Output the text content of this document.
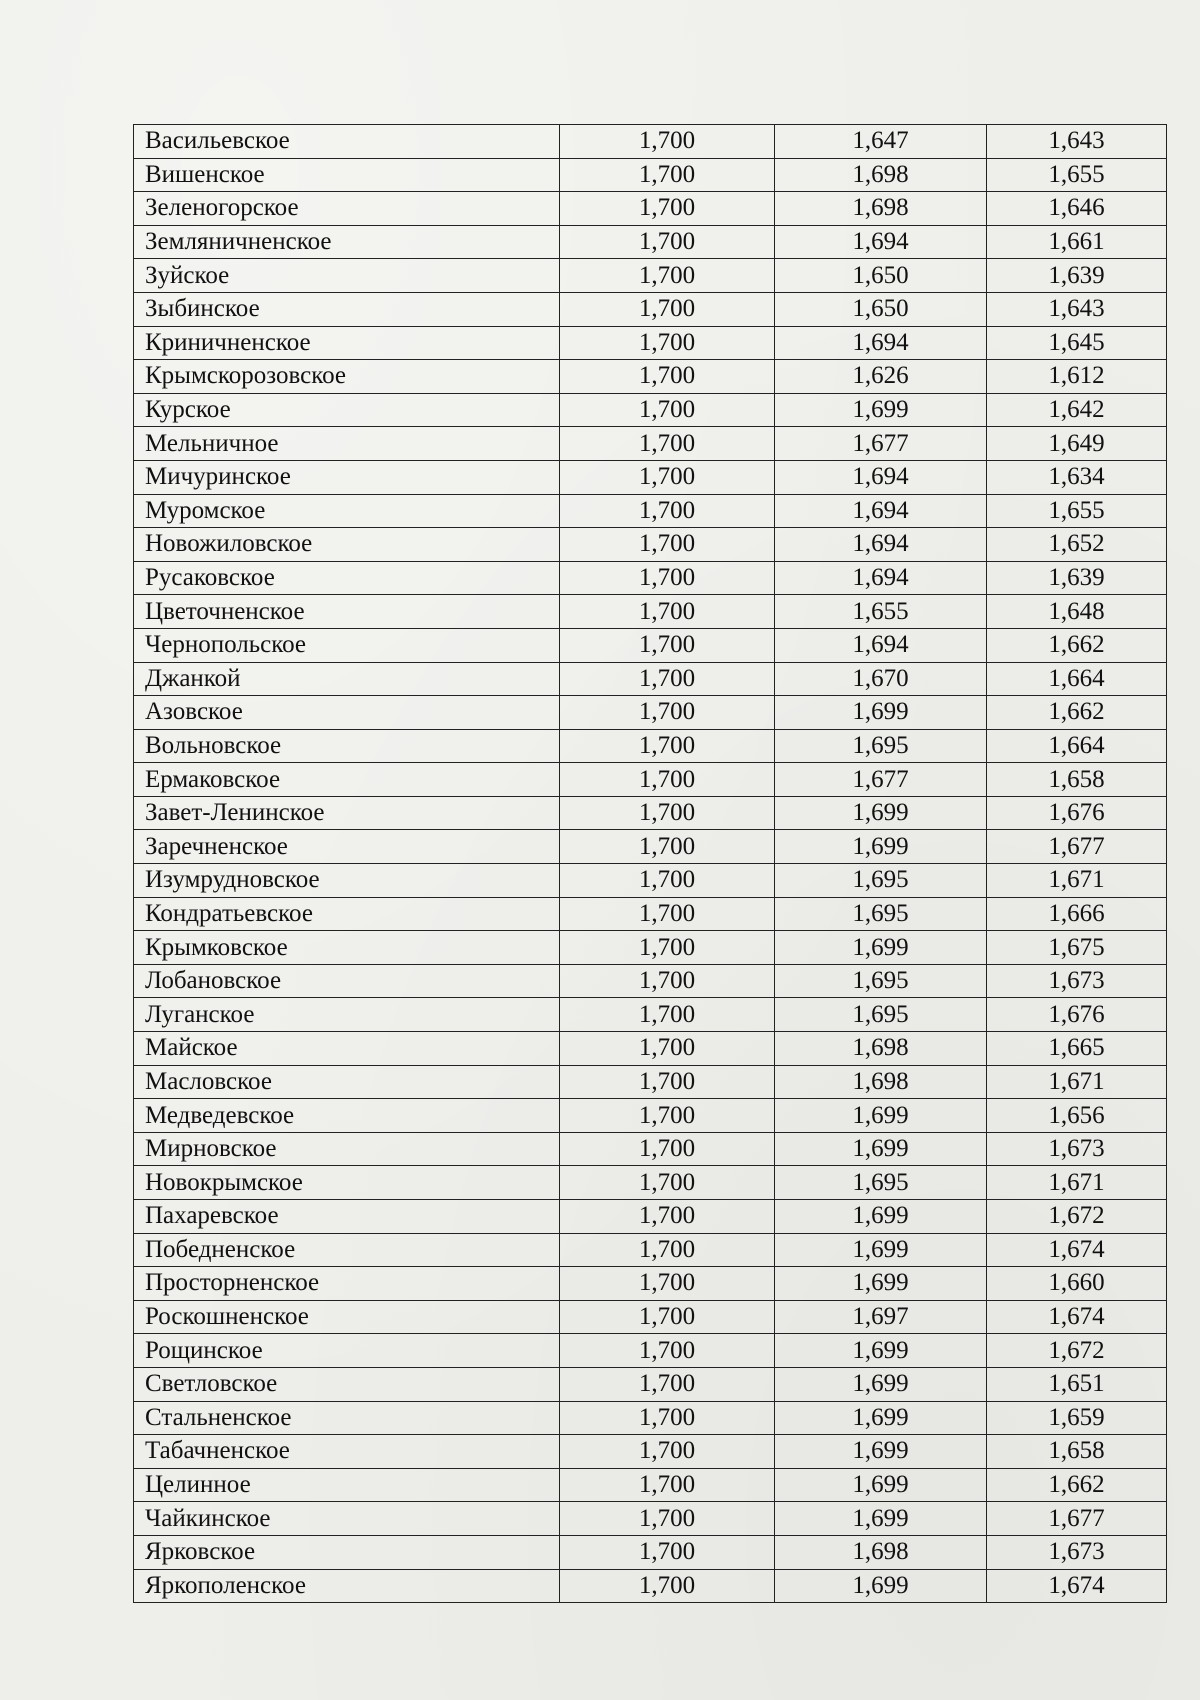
Васильевское	1,700	1,647	1,643
Вишенское	1,700	1,698	1,655
Зеленогорское	1,700	1,698	1,646
Земляничненское	1,700	1,694	1,661
Зуйское	1,700	1,650	1,639
Зыбинское	1,700	1,650	1,643
Криничненское	1,700	1,694	1,645
Крымскорозовское	1,700	1,626	1,612
Курское	1,700	1,699	1,642
Мельничное	1,700	1,677	1,649
Мичуринское	1,700	1,694	1,634
Муромское	1,700	1,694	1,655
Новожиловское	1,700	1,694	1,652
Русаковское	1,700	1,694	1,639
Цветочненское	1,700	1,655	1,648
Чернопольское	1,700	1,694	1,662
Джанкой	1,700	1,670	1,664
Азовское	1,700	1,699	1,662
Вольновское	1,700	1,695	1,664
Ермаковское	1,700	1,677	1,658
Завет-Ленинское	1,700	1,699	1,676
Заречненское	1,700	1,699	1,677
Изумрудновское	1,700	1,695	1,671
Кондратьевское	1,700	1,695	1,666
Крымковское	1,700	1,699	1,675
Лобановское	1,700	1,695	1,673
Луганское	1,700	1,695	1,676
Майское	1,700	1,698	1,665
Масловское	1,700	1,698	1,671
Медведевское	1,700	1,699	1,656
Мирновское	1,700	1,699	1,673
Новокрымское	1,700	1,695	1,671
Пахаревское	1,700	1,699	1,672
Победненское	1,700	1,699	1,674
Просторненское	1,700	1,699	1,660
Роскошненское	1,700	1,697	1,674
Рощинское	1,700	1,699	1,672
Светловское	1,700	1,699	1,651
Стальненское	1,700	1,699	1,659
Табачненское	1,700	1,699	1,658
Целинное	1,700	1,699	1,662
Чайкинское	1,700	1,699	1,677
Ярковское	1,700	1,698	1,673
Яркополенское	1,700	1,699	1,674
